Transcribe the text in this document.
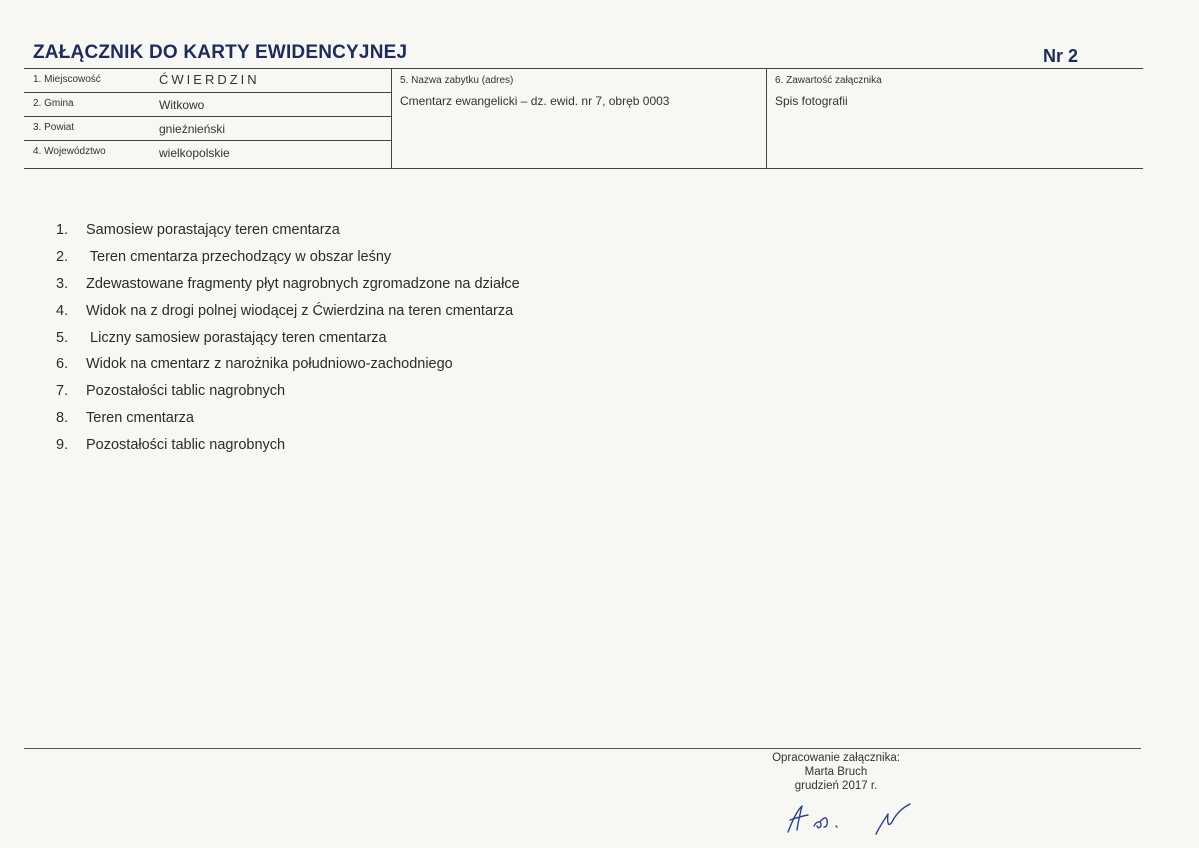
ZAŁĄCZNIK DO KARTY EWIDENCYJNEJ	Nr 2
1. Miejscowość	ĆWIERDZIN
2. Gmina	Witkowo
3. Powiat	gnieźnieński
4. Województwo	wielkopolskie
5. Nazwa zabytku (adres)
Cmentarz ewangelicki – dz. ewid. nr 7, obręb 0003
6. Zawartość załącznika
Spis fotografii
1.	Samosiew porastający teren cmentarza
2.	Teren cmentarza przechodzący w obszar leśny
3.	Zdewastowane fragmenty płyt nagrobnych zgromadzone na działce
4.	Widok na z drogi polnej wiodącej z Ćwierdzina na teren cmentarza
5.	Liczny samosiew porastający teren cmentarza
6.	Widok na cmentarz z narożnika południowo-zachodniego
7.	Pozostałości tablic nagrobnych
8.	Teren cmentarza
9.	Pozostałości tablic nagrobnych
Opracowanie załącznika:
Marta Bruch
grudzień 2017 r.
